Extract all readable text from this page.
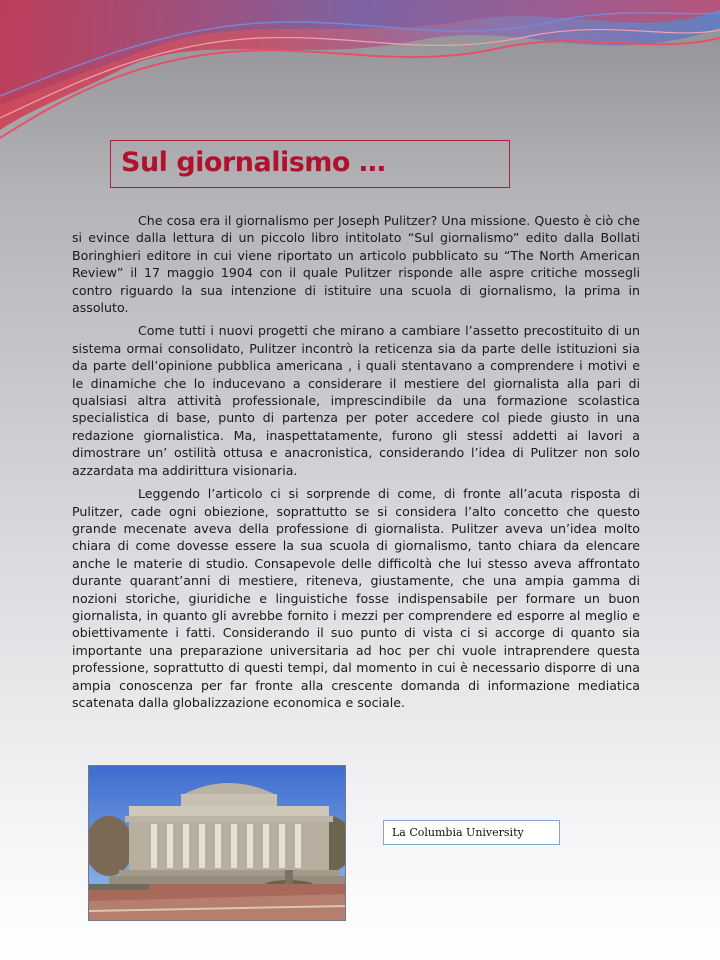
Sul giornalismo …

Che cosa era il giornalismo per Joseph Pulitzer? Una missione. Questo è ciò che si evince dalla lettura di un piccolo libro intitolato “Sul giornalismo” edito dalla Bollati Boringhieri editore in cui viene riportato un articolo pubblicato su “The North American Review” il 17 maggio 1904 con il quale Pulitzer risponde alle aspre critiche mossegli contro riguardo la sua intenzione di istituire una scuola di giornalismo, la prima in assoluto.

Come tutti i nuovi progetti che mirano a cambiare l’assetto precostituito di un sistema ormai consolidato, Pulitzer incontrò la reticenza sia da parte delle istituzioni sia da parte dell’opinione pubblica americana , i quali stentavano a comprendere i motivi e le dinamiche che lo inducevano a considerare il mestiere del giornalista alla pari di qualsiasi altra attività professionale, imprescindibile da una formazione scolastica specialistica di base, punto di partenza per poter accedere col piede giusto in una redazione giornalistica. Ma, inaspettatamente, furono gli stessi addetti ai lavori a dimostrare un’ ostilità ottusa e anacronistica, considerando l’idea di Pulitzer non solo azzardata ma addirittura visionaria.

Leggendo l’articolo ci si sorprende di come, di fronte all’acuta risposta di Pulitzer, cade ogni obiezione, soprattutto se si considera l’alto concetto che questo grande mecenate aveva della professione di giornalista. Pulitzer aveva un’idea molto chiara di come dovesse essere la sua scuola di giornalismo, tanto chiara da elencare anche le materie di studio. Consapevole delle difficoltà che lui stesso aveva affrontato durante quarant’anni di mestiere, riteneva, giustamente, che una ampia gamma di nozioni storiche, giuridiche e linguistiche fosse indispensabile per formare un buon giornalista, in quanto gli avrebbe fornito i mezzi per comprendere ed esporre al meglio e obiettivamente i fatti. Considerando il suo punto di vista ci si accorge di quanto sia importante una preparazione universitaria ad hoc per chi vuole intraprendere questa professione, soprattutto di questi tempi, dal momento in cui è necessario disporre di una ampia conoscenza per far fronte alla crescente domanda di informazione mediatica scatenata dalla globalizzazione economica e sociale.

La Columbia University
